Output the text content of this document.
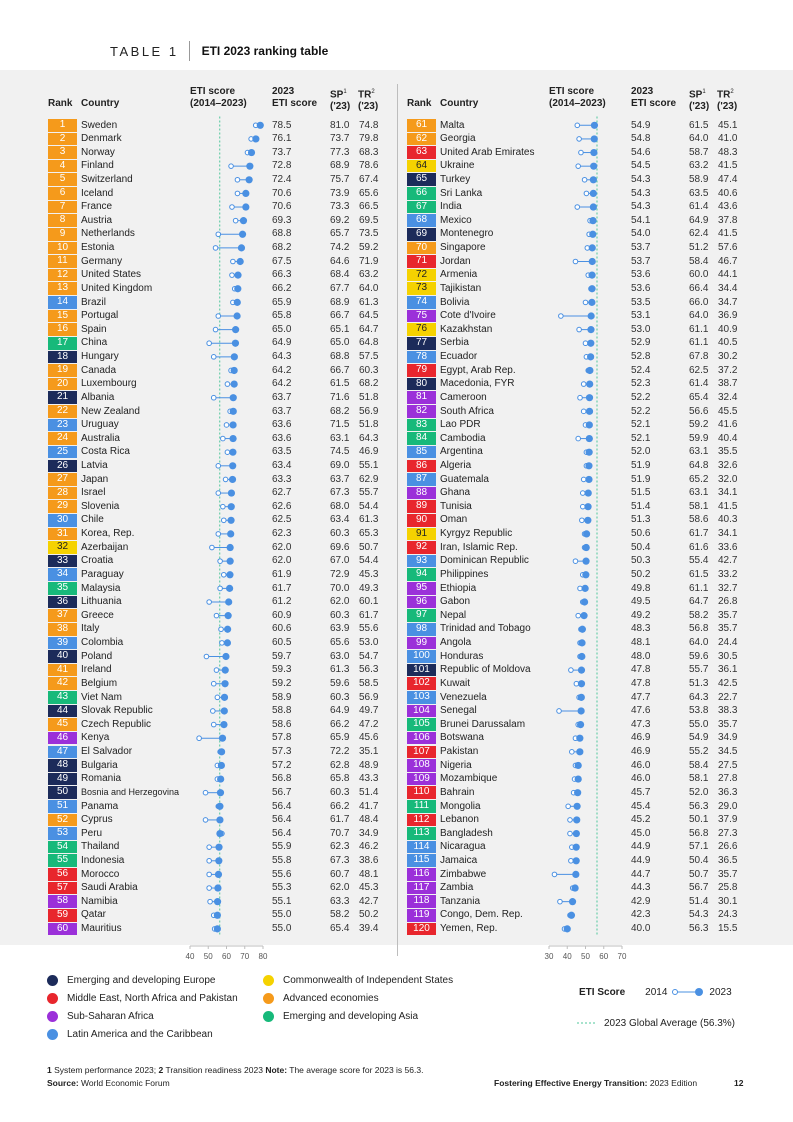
TABLE 1 ETI 2023 ranking table
Rank Country
ETI score
(2014–2023)
2023
ETI score
$SP^1$
('23)
$TR^2$
('23)	Rank Country
ETI score
(2014–2023)
2023
ETI score
$SP^1$
('23)
$TR^2$
('23)
40 50 60 70 80
1	Sweden	78.5	81.0 74.8
2	Denmark	76.1	73.7 79.8
3	Norway	73.7	77.3 68.3
4	Finland	72.8	68.9 78.6
5	Switzerland	72.4	75.7 67.4
6	Iceland	70.6	73.9 65.6
7	France	70.6	73.3 66.5
8	Austria	69.3	69.2 69.5
9	Netherlands	68.8	65.7 73.5
10	Estonia	68.2	74.2 59.2
11	Germany	67.5	64.6 71.9
12	United States	66.3	68.4 63.2
13	United Kingdom	66.2	67.7 64.0
14	Brazil	65.9	68.9 61.3
15	Portugal	65.8	66.7 64.5
16	Spain	65.0	65.1 64.7
17	China	64.9	65.0 64.8
18	Hungary	64.3	68.8 57.5
19	Canada	64.2	66.7 60.3
20	Luxembourg	64.2	61.5 68.2
21	Albania	63.7	71.6 51.8
22	New Zealand	63.7	68.2 56.9
23	Uruguay	63.6	71.5 51.8
24	Australia	63.6	63.1 64.3
25	Costa Rica	63.5	74.5 46.9
26	Latvia	63.4	69.0 55.1
27	Japan	63.3	63.7 62.9
28	Israel	62.7	67.3 55.7
29	Slovenia	62.6	68.0 54.4
30	Chile	62.5	63.4 61.3
31	Korea, Rep.	62.3	60.3 65.3
32	Azerbaijan	62.0	69.6 50.7
33	Croatia	62.0	67.0 54.4
34	Paraguay	61.9	72.9 45.3
35	Malaysia	61.7	70.0 49.3
36	Lithuania	61.2	62.0 60.1
37	Greece	60.9	60.3 61.7
38	Italy	60.6	63.9 55.6
39	Colombia	60.5	65.6 53.0
40	Poland	59.7	63.0 54.7
41	Ireland	59.3	61.3 56.3
42	Belgium	59.2	59.6 58.5
43	Viet Nam	58.9	60.3 56.9
44	Slovak Republic	58.8	64.9 49.7
45	Czech Republic	58.6	66.2 47.2
46	Kenya	57.8	65.9 45.6
47	El Salvador	57.3	72.2 35.1
48	Bulgaria	57.2	62.8 48.9
49	Romania	56.8	65.8 43.3
50	Bosnia and Herzegovina	56.7	60.3 51.4
51	Panama	56.4	66.2 41.7
52	Cyprus	56.4	61.7 48.4
53	Peru	56.4	70.7 34.9
54	Thailand	55.9	62.3 46.2
55	Indonesia	55.8	67.3 38.6
56	Morocco	55.6	60.7 48.1
57	Saudi Arabia	55.3	62.0 45.3
58	Namibia	55.1	63.3 42.7
59	Qatar	55.0	58.2 50.2
60	Mauritius	55.0	65.4 39.4
30 40 50 60 70
61	Malta	54.9	61.5 45.1
62	Georgia	54.8	64.0 41.0
63	United Arab Emirates	54.6	58.7 48.3
64	Ukraine	54.5	63.2 41.5
65	Turkey	54.3	58.9 47.4
66	Sri Lanka	54.3	63.5 40.6
67	India	54.3	61.4 43.6
68	Mexico	54.1	64.9 37.8
69	Montenegro	54.0	62.4 41.5
70	Singapore	53.7	51.2 57.6
71	Jordan	53.7	58.4 46.7
72	Armenia	53.6	60.0 44.1
73	Tajikistan	53.6	66.4 34.4
74	Bolivia	53.5	66.0 34.7
75	Cote d'Ivoire	53.1	64.0 36.9
76	Kazakhstan	53.0	61.1 40.9
77	Serbia	52.9	61.1 40.5
78	Ecuador	52.8	67.8 30.2
79	Egypt, Arab Rep.	52.4	62.5 37.2
80	Macedonia, FYR	52.3	61.4 38.7
81	Cameroon	52.2	65.4 32.4
82	South Africa	52.2	56.6 45.5
83	Lao PDR	52.1	59.2 41.6
84	Cambodia	52.1	59.9 40.4
85	Argentina	52.0	63.1 35.5
86	Algeria	51.9	64.8 32.6
87	Guatemala	51.9	65.2 32.0
88	Ghana	51.5	63.1 34.1
89	Tunisia	51.4	58.1 41.5
90	Oman	51.3	58.6 40.3
91	Kyrgyz Republic	50.6	61.7 34.1
92	Iran, Islamic Rep.	50.4	61.6 33.6
93	Dominican Republic	50.3	55.4 42.7
94	Philippines	50.2	61.5 33.2
95	Ethiopia	49.8	61.1 32.7
96	Gabon	49.5	64.7 26.8
97	Nepal	49.2	58.2 35.7
98	Trinidad and Tobago	48.3	56.8 35.7
99	Angola	48.1	64.0 24.4
100	Honduras	48.0	59.6 30.5
101	Republic of Moldova	47.8	55.7 36.1
102	Kuwait	47.8	51.3 42.5
103	Venezuela	47.7	64.3 22.7
104	Senegal	47.6	53.8 38.3
105	Brunei Darussalam	47.3	55.0 35.7
106	Botswana	46.9	54.9 34.9
107	Pakistan	46.9	55.2 34.5
108	Nigeria	46.0	58.4 27.5
109	Mozambique	46.0	58.1 27.8
110	Bahrain	45.7	52.0 36.3
111	Mongolia	45.4	56.3 29.0
112	Lebanon	45.2	50.1 37.9
113	Bangladesh	45.0	56.8 27.3
114	Nicaragua	44.9	57.1 26.6
115	Jamaica	44.9	50.4 36.5
116	Zimbabwe	44.7	50.7 35.7
117	Zambia	44.3	56.7 25.8
118	Tanzania	42.9	51.4 30.1
119	Congo, Dem. Rep.	42.3	54.3 24.3
120	Yemen, Rep.	40.0	56.3 15.5
Emerging and developing Europe
Middle East, North Africa and Pakistan
Sub-Saharan Africa
Latin America and the Caribbean
Commonwealth of Independent States
Advanced economies
Emerging and developing Asia
ETI Score 2014	2023
2023 Global Average (56.3%)
1 System performance 2023; 2 Transition readiness 2023 Note: The average score for 2023 is 56.3.
Source: World Economic Forum	Fostering Effective Energy Transition: 2023 Edition	12
